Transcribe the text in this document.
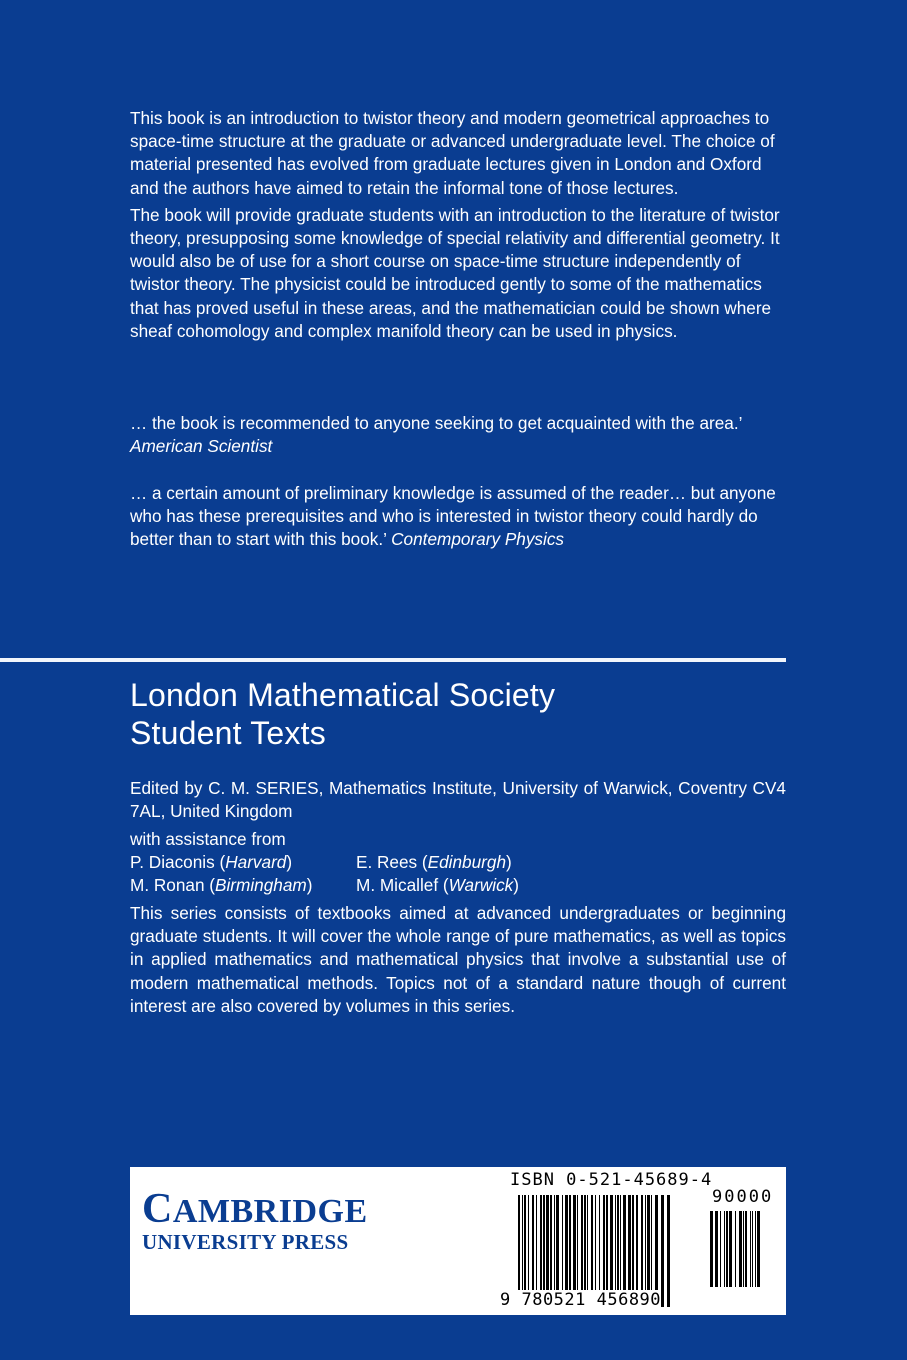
This book is an introduction to twistor theory and modern geometrical approaches to space-time structure at the graduate or advanced undergraduate level. The choice of material presented has evolved from graduate lectures given in London and Oxford and the authors have aimed to retain the informal tone of those lectures.

The book will provide graduate students with an introduction to the literature of twistor theory, presupposing some knowledge of special relativity and differential geometry. It would also be of use for a short course on space-time structure independently of twistor theory. The physicist could be introduced gently to some of the mathematics that has proved useful in these areas, and the mathematician could be shown where sheaf cohomology and complex manifold theory can be used in physics.

… the book is recommended to anyone seeking to get acquainted with the area.’ American Scientist

… a certain amount of preliminary knowledge is assumed of the reader… but anyone who has these prerequisites and who is interested in twistor theory could hardly do better than to start with this book.’ Contemporary Physics

London Mathematical Society
Student Texts

Edited by C. M. SERIES, Mathematics Institute, University of Warwick, Coventry CV4 7AL, United Kingdom

with assistance from

P. Diaconis (Harvard)	E. Rees (Edinburgh)
M. Ronan (Birmingham)	M. Micallef (Warwick)

This series consists of textbooks aimed at advanced undergraduates or beginning graduate students. It will cover the whole range of pure mathematics, as well as topics in applied mathematics and mathematical physics that involve a substantial use of modern mathematical methods. Topics not of a standard nature though of current interest are also covered by volumes in this series.

CAMBRIDGE
UNIVERSITY PRESS
ISBN 0-521-45689-4
90000
9 780521 456890
